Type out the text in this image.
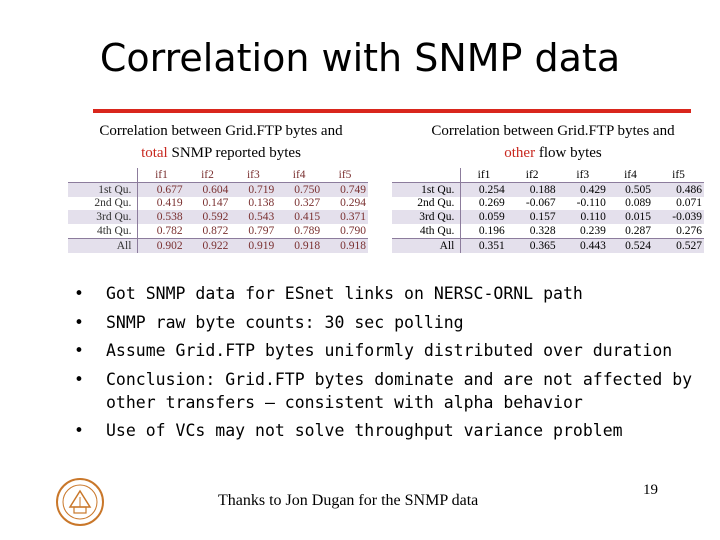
Correlation with SNMP data
Correlation between Grid.FTP bytes and
total SNMP reported bytes
Correlation between Grid.FTP bytes and
other flow bytes
	if1	if2	if3	if4	if5
1st Qu.	0.677	0.604	0.719	0.750	0.749
2nd Qu.	0.419	0.147	0.138	0.327	0.294
3rd Qu.	0.538	0.592	0.543	0.415	0.371
4th Qu.	0.782	0.872	0.797	0.789	0.790
All	0.902	0.922	0.919	0.918	0.918
	if1	if2	if3	if4	if5
1st Qu.	0.254	0.188	0.429	0.505	0.486
2nd Qu.	0.269	-0.067	-0.110	0.089	0.071
3rd Qu.	0.059	0.157	0.110	0.015	-0.039
4th Qu.	0.196	0.328	0.239	0.287	0.276
All	0.351	0.365	0.443	0.524	0.527
• Got SNMP data for ESnet links on NERSC-ORNL path
• SNMP raw byte counts: 30 sec polling
• Assume Grid.FTP bytes uniformly distributed over duration
• Conclusion: Grid.FTP bytes dominate and are not affected by other transfers – consistent with alpha behavior
• Use of VCs may not solve throughput variance problem
Thanks to Jon Dugan for the SNMP data
19
